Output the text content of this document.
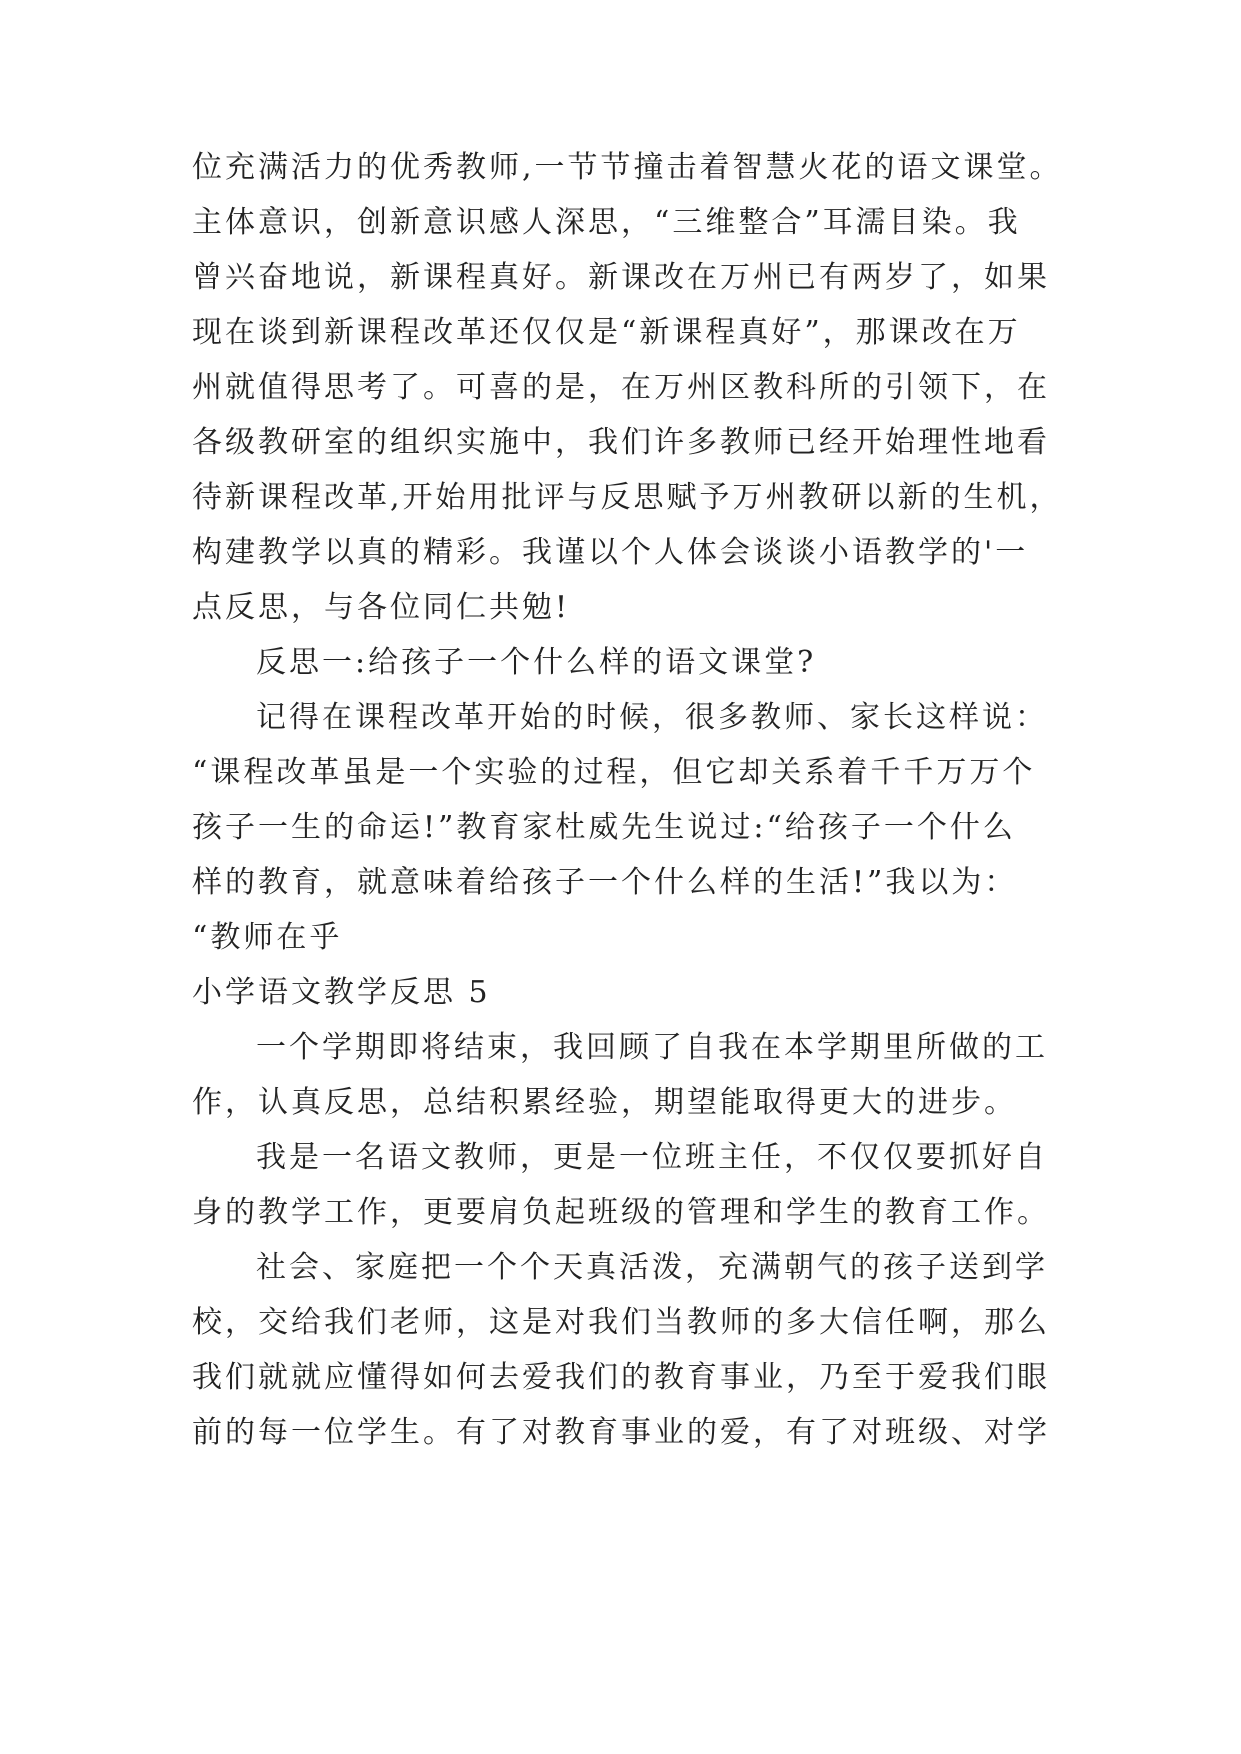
位充满活力的优秀教师,一节节撞击着智慧火花的语文课堂。
主体意识，创新意识感人深思，“三维整合”耳濡目染。我
曾兴奋地说，新课程真好。新课改在万州已有两岁了，如果
现在谈到新课程改革还仅仅是“新课程真好”，那课改在万
州就值得思考了。可喜的是，在万州区教科所的引领下，在
各级教研室的组织实施中，我们许多教师已经开始理性地看
待新课程改革,开始用批评与反思赋予万州教研以新的生机，
构建教学以真的精彩。我谨以个人体会谈谈小语教学的'一
点反思，与各位同仁共勉!
反思一:给孩子一个什么样的语文课堂?
记得在课程改革开始的时候，很多教师、家长这样说：
“课程改革虽是一个实验的过程，但它却关系着千千万万个
孩子一生的命运!”教育家杜威先生说过:“给孩子一个什么
样的教育，就意味着给孩子一个什么样的生活!”我以为：
“教师在乎
小学语文教学反思 5
一个学期即将结束，我回顾了自我在本学期里所做的工
作，认真反思，总结积累经验，期望能取得更大的进步。
我是一名语文教师，更是一位班主任，不仅仅要抓好自
身的教学工作，更要肩负起班级的管理和学生的教育工作。
社会、家庭把一个个天真活泼，充满朝气的孩子送到学
校，交给我们老师，这是对我们当教师的多大信任啊，那么
我们就就应懂得如何去爱我们的教育事业，乃至于爱我们眼
前的每一位学生。有了对教育事业的爱，有了对班级、对学
